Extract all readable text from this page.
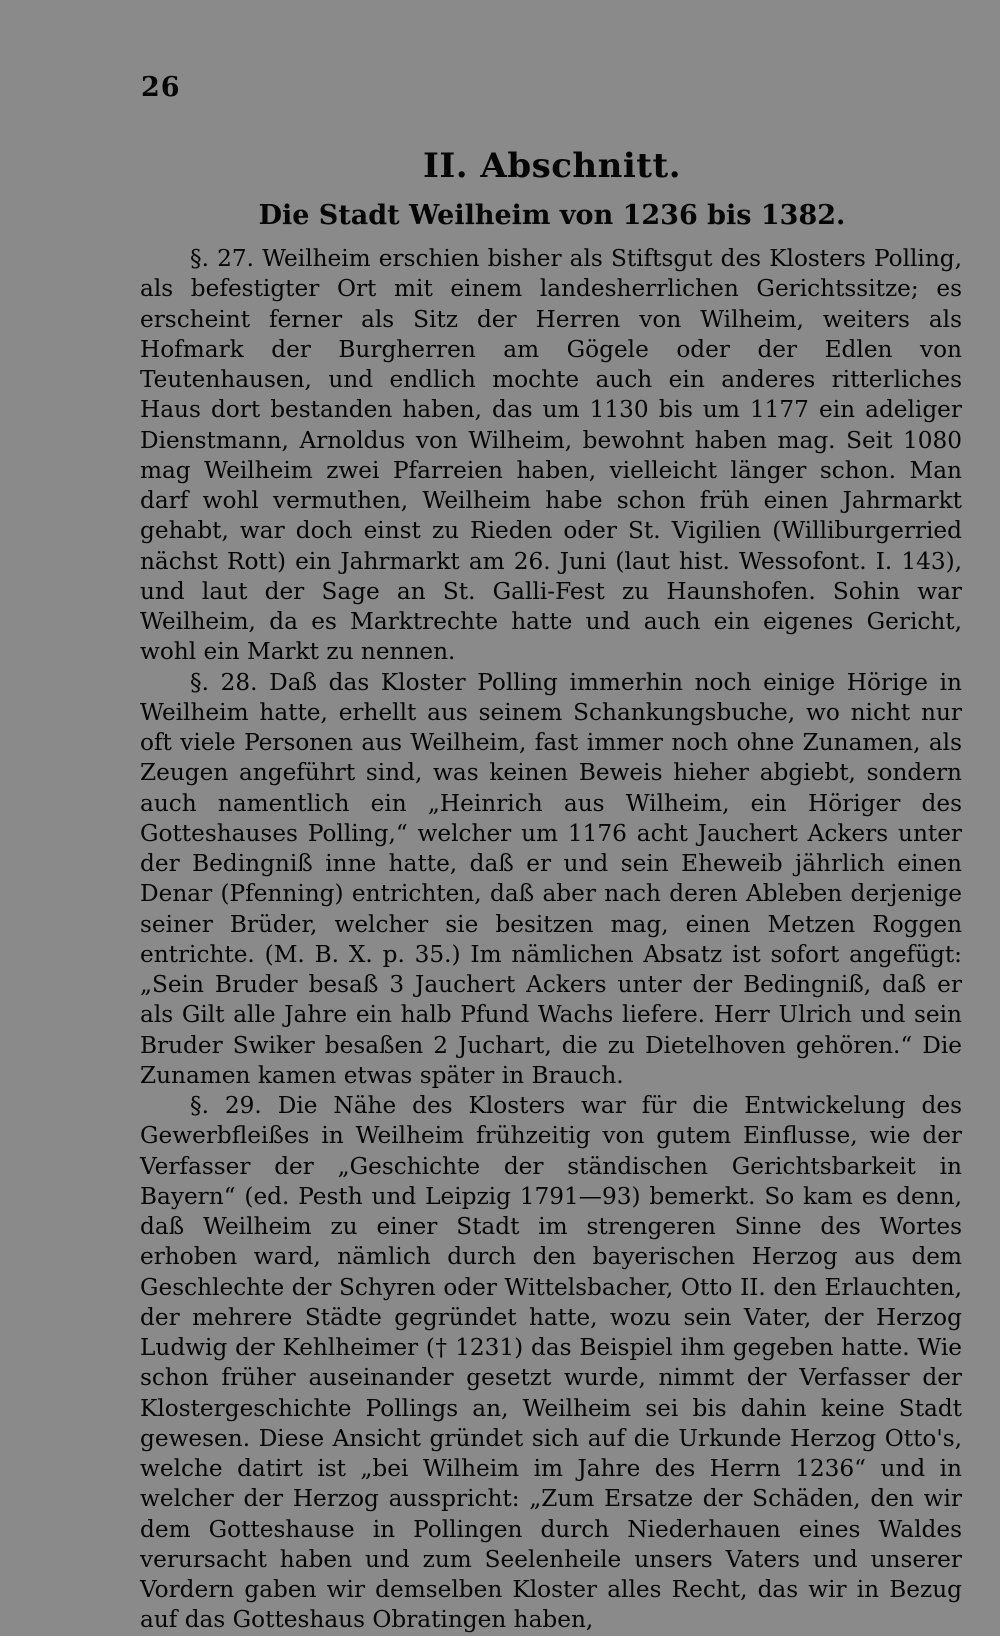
26
II. Abschnitt.
Die Stadt Weilheim von 1236 bis 1382.

§. 27. Weilheim erschien bisher als Stiftsgut des Klosters Polling, als befestigter Ort mit einem landesherrlichen Gerichtssitze; es erscheint ferner als Sitz der Herren von Wilheim, weiters als Hofmark der Burgherren am Gögele oder der Edlen von Teutenhausen, und endlich mochte auch ein anderes ritterliches Haus dort bestanden haben, das um 1130 bis um 1177 ein adeliger Dienstmann, Arnoldus von Wilheim, bewohnt haben mag. Seit 1080 mag Weilheim zwei Pfarreien haben, vielleicht länger schon. Man darf wohl vermuthen, Weilheim habe schon früh einen Jahrmarkt gehabt, war doch einst zu Rieden oder St. Vigilien (Williburgerried nächst Rott) ein Jahrmarkt am 26. Juni (laut hist. Wessofont. I. 143), und laut der Sage an St. Galli-Fest zu Haunshofen. Sohin war Weilheim, da es Marktrechte hatte und auch ein eigenes Gericht, wohl ein Markt zu nennen.

§. 28. Daß das Kloster Polling immerhin noch einige Hörige in Weilheim hatte, erhellt aus seinem Schankungsbuche, wo nicht nur oft viele Personen aus Weilheim, fast immer noch ohne Zunamen, als Zeugen angeführt sind, was keinen Beweis hieher abgiebt, sondern auch namentlich ein „Heinrich aus Wilheim, ein Höriger des Gotteshauses Polling,“ welcher um 1176 acht Jauchert Ackers unter der Bedingniß inne hatte, daß er und sein Eheweib jährlich einen Denar (Pfenning) entrichten, daß aber nach deren Ableben derjenige seiner Brüder, welcher sie besitzen mag, einen Metzen Roggen entrichte. (M. B. X. p. 35.) Im nämlichen Absatz ist sofort angefügt: „Sein Bruder besaß 3 Jauchert Ackers unter der Bedingniß, daß er als Gilt alle Jahre ein halb Pfund Wachs liefere. Herr Ulrich und sein Bruder Swiker besaßen 2 Juchart, die zu Dietelhoven gehören.“ Die Zunamen kamen etwas später in Brauch.

§. 29. Die Nähe des Klosters war für die Entwickelung des Gewerbfleißes in Weilheim frühzeitig von gutem Einflusse, wie der Verfasser der „Geschichte der ständischen Gerichtsbarkeit in Bayern“ (ed. Pesth und Leipzig 1791—93) bemerkt. So kam es denn, daß Weilheim zu einer Stadt im strengeren Sinne des Wortes erhoben ward, nämlich durch den bayerischen Herzog aus dem Geschlechte der Schyren oder Wittelsbacher, Otto II. den Erlauchten, der mehrere Städte gegründet hatte, wozu sein Vater, der Herzog Ludwig der Kehlheimer († 1231) das Beispiel ihm gegeben hatte. Wie schon früher auseinander gesetzt wurde, nimmt der Verfasser der Klostergeschichte Pollings an, Weilheim sei bis dahin keine Stadt gewesen. Diese Ansicht gründet sich auf die Urkunde Herzog Otto's, welche datirt ist „bei Wilheim im Jahre des Herrn 1236“ und in welcher der Herzog ausspricht: „Zum Ersatze der Schäden, den wir dem Gotteshause in Pollingen durch Niederhauen eines Waldes verursacht haben und zum Seelenheile unsers Vaters und unserer Vordern gaben wir demselben Kloster alles Recht, das wir in Bezug auf das Gotteshaus Obratingen haben,
